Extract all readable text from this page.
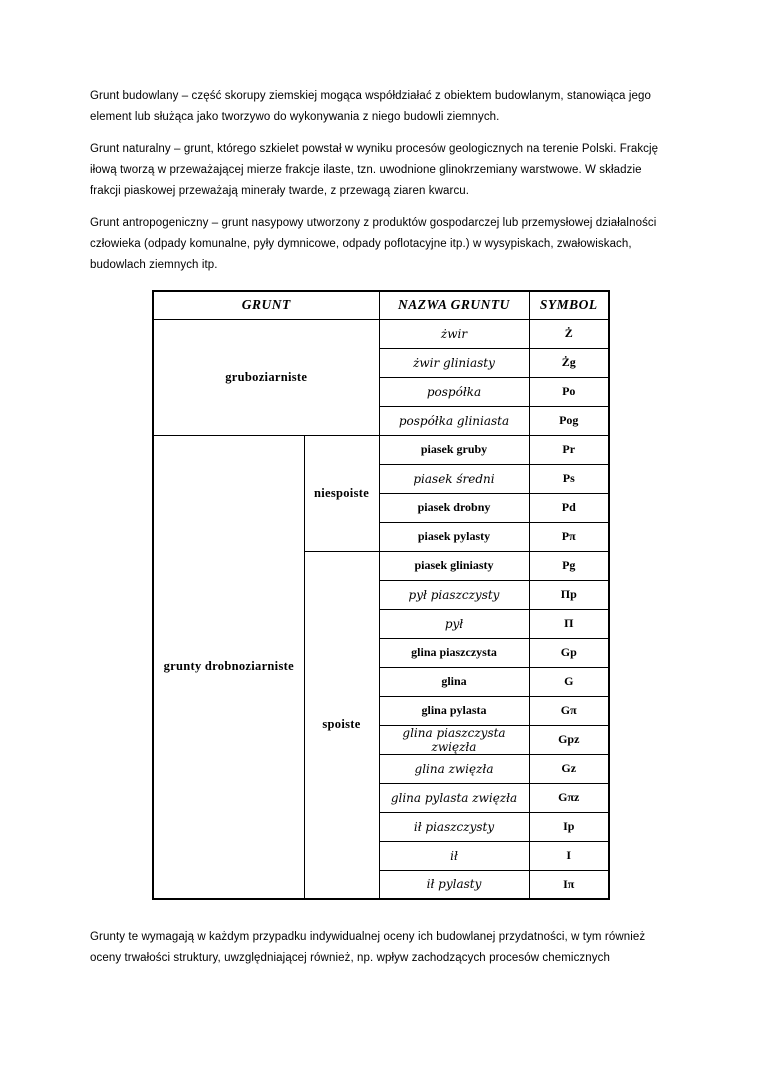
Grunt budowlany – część skorupy ziemskiej mogąca współdziałać z obiektem budowlanym, stanowiąca jego element lub służąca jako tworzywo do wykonywania z niego budowli ziemnych.

Grunt naturalny – grunt, którego szkielet powstał w wyniku procesów geologicznych na terenie Polski. Frakcję iłową tworzą w przeważającej mierze frakcje ilaste, tzn. uwodnione glinokrzemiany warstwowe. W składzie frakcji piaskowej przeważają minerały twarde, z przewagą ziaren kwarcu.

Grunt antropogeniczny – grunt nasypowy utworzony z produktów gospodarczej lub przemysłowej działalności człowieka (odpady komunalne, pyły dymnicowe, odpady poflotacyjne itp.) w wysypiskach, zwałowiskach, budowlach ziemnych itp.

GRUNT		NAZWA GRUNTU	SYMBOL
gruboziarniste		żwir	Ż
		żwir gliniasty	Żg
		pospółka	Po
		pospółka gliniasta	Pog
grunty drobnoziarniste	niespoiste	piasek gruby	Pr
		piasek średni	Ps
		piasek drobny	Pd
		piasek pylasty	Pπ
	spoiste	piasek gliniasty	Pg
		pył piaszczysty	Πp
		pył	Π
		glina piaszczysta	Gp
		glina	G
		glina pylasta	Gπ
		glina piaszczysta zwięzła	Gpz
		glina zwięzła	Gz
		glina pylasta zwięzła	Gπz
		ił piaszczysty	Ip
		ił	I
		ił pylasty	Iπ

Grunty te wymagają w każdym przypadku indywidualnej oceny ich budowlanej przydatności, w tym również oceny trwałości struktury, uwzględniającej również, np. wpływ zachodzących procesów chemicznych
